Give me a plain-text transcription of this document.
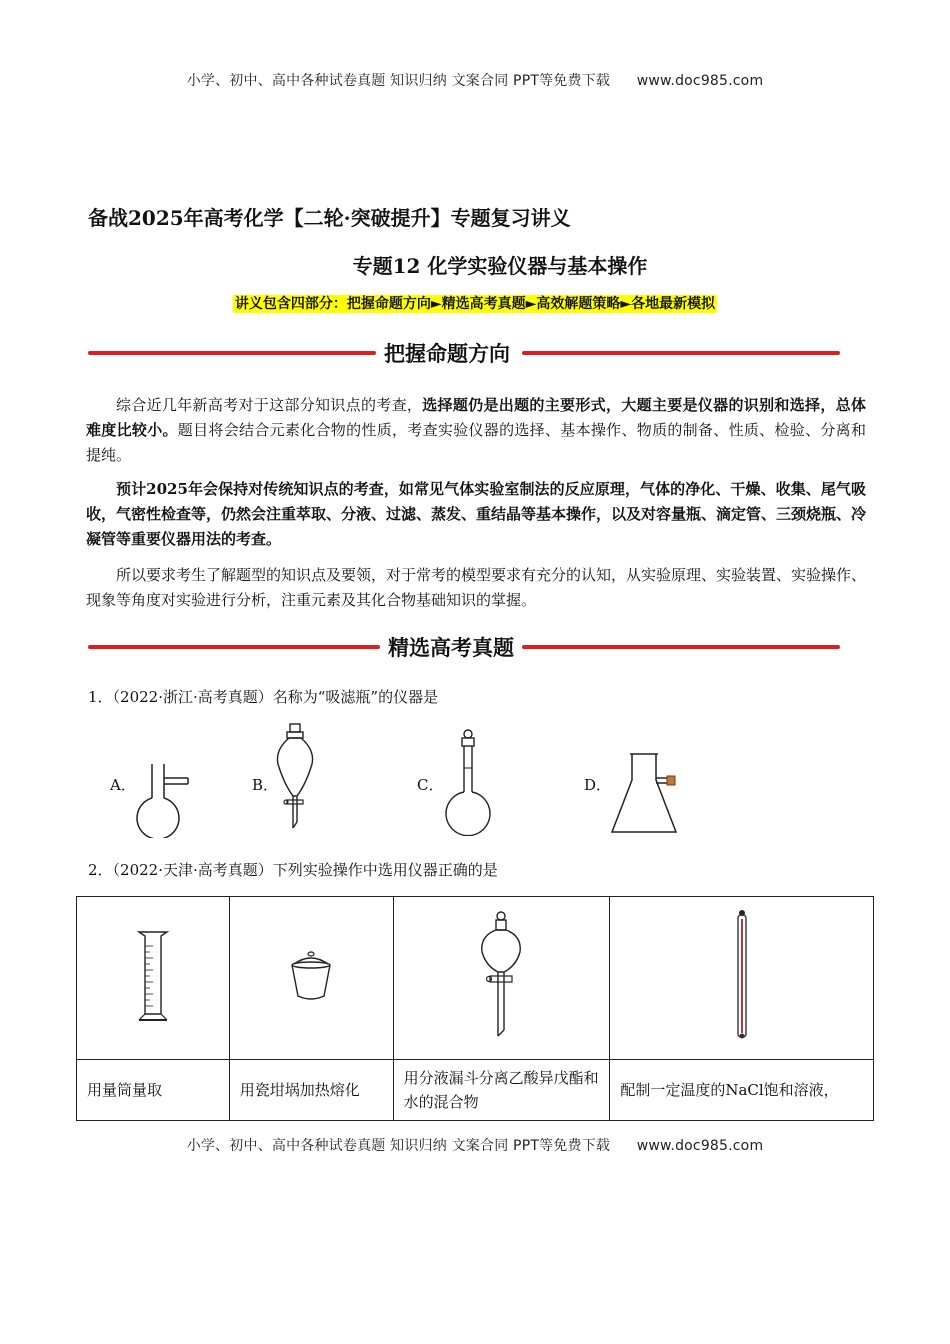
小学、初中、高中各种试卷真题 知识归纳 文案合同 PPT等免费下载 www.doc985.com
备战2025年高考化学【二轮·突破提升】专题复习讲义
专题12 化学实验仪器与基本操作
讲义包含四部分：把握命题方向►精选高考真题►高效解题策略►各地最新模拟
把握命题方向

综合近几年新高考对于这部分知识点的考查，选择题仍是出题的主要形式，大题主要是仪器的识别和选择，总体难度比较小。题目将会结合元素化合物的性质，考查实验仪器的选择、基本操作、物质的制备、性质、检验、分离和提纯。

预计2025年会保持对传统知识点的考查，如常见气体实验室制法的反应原理，气体的净化、干燥、收集、尾气吸收，气密性检查等，仍然会注重萃取、分液、过滤、蒸发、重结晶等基本操作，以及对容量瓶、滴定管、三颈烧瓶、冷凝管等重要仪器用法的考查。

所以要求考生了解题型的知识点及要领，对于常考的模型要求有充分的认知，从实验原理、实验装置、实验操作、现象等角度对实验进行分析，注重元素及其化合物基础知识的掌握。

精选高考真题
1．（2022·浙江·高考真题）名称为“吸滤瓶”的仪器是
A．	B．	C．	D．
2．（2022·天津·高考真题）下列实验操作中选用仪器正确的是

用量筒量取	用瓷坩埚加热熔化	用分液漏斗分离乙酸异戊酯和水的混合物	配制一定温度的NaCl饱和溶液，
小学、初中、高中各种试卷真题 知识归纳 文案合同 PPT等免费下载 www.doc985.com
